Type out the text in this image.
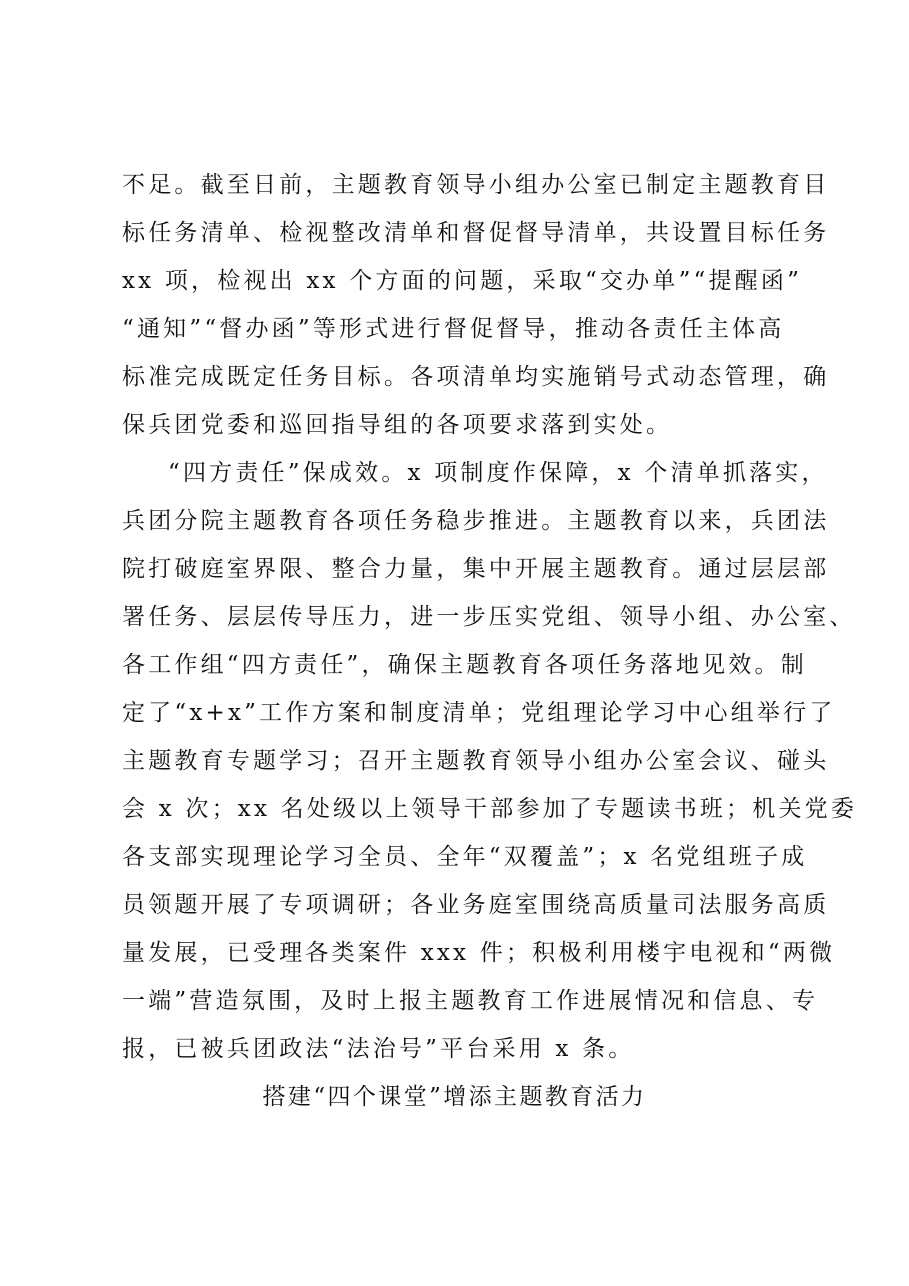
不足。截至日前，主题教育领导小组办公室已制定主题教育目
标任务清单、检视整改清单和督促督导清单，共设置目标任务
xx 项，检视出 xx 个方面的问题，采取“交办单”“提醒函”
“通知”“督办函”等形式进行督促督导，推动各责任主体高
标准完成既定任务目标。各项清单均实施销号式动态管理，确
保兵团党委和巡回指导组的各项要求落到实处。
“四方责任”保成效。x 项制度作保障，x 个清单抓落实，
兵团分院主题教育各项任务稳步推进。主题教育以来，兵团法
院打破庭室界限、整合力量，集中开展主题教育。通过层层部
署任务、层层传导压力，进一步压实党组、领导小组、办公室、
各工作组“四方责任”，确保主题教育各项任务落地见效。制
定了“x+x”工作方案和制度清单；党组理论学习中心组举行了
主题教育专题学习；召开主题教育领导小组办公室会议、碰头
会 x 次；xx 名处级以上领导干部参加了专题读书班；机关党委
各支部实现理论学习全员、全年“双覆盖”；x 名党组班子成
员领题开展了专项调研；各业务庭室围绕高质量司法服务高质
量发展，已受理各类案件 xxx 件；积极利用楼宇电视和“两微
一端”营造氛围，及时上报主题教育工作进展情况和信息、专
报，已被兵团政法“法治号”平台采用 x 条。
搭建“四个课堂”增添主题教育活力
